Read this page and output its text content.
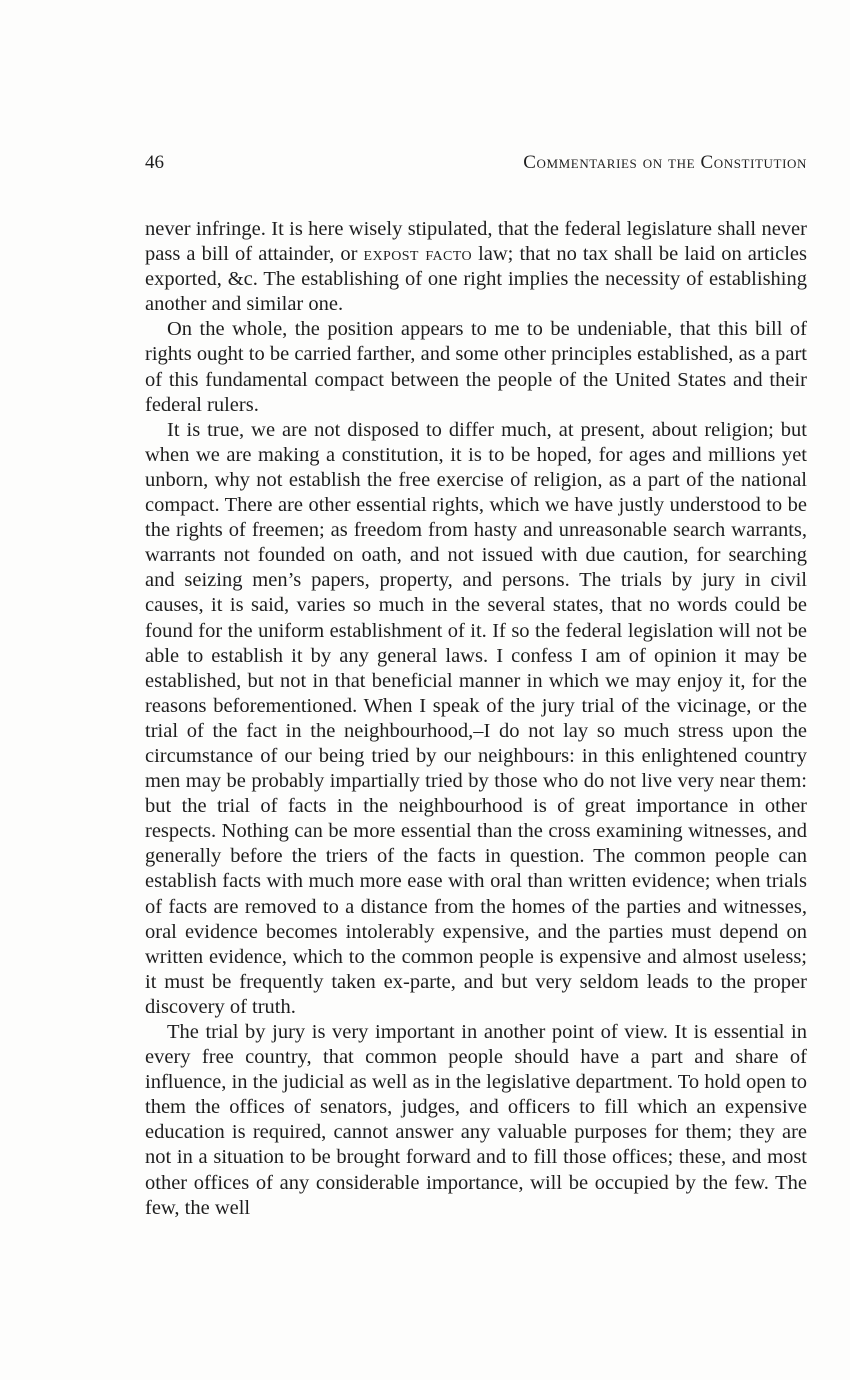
46	Commentaries on the Constitution

never infringe. It is here wisely stipulated, that the federal legislature shall never pass a bill of attainder, or expost facto law; that no tax shall be laid on articles exported, &c. The establishing of one right implies the necessity of establishing another and similar one.

On the whole, the position appears to me to be undeniable, that this bill of rights ought to be carried farther, and some other principles established, as a part of this fundamental compact between the people of the United States and their federal rulers.

It is true, we are not disposed to differ much, at present, about religion; but when we are making a constitution, it is to be hoped, for ages and millions yet unborn, why not establish the free exercise of religion, as a part of the national compact. There are other essential rights, which we have justly understood to be the rights of freemen; as freedom from hasty and unreasonable search warrants, warrants not founded on oath, and not issued with due caution, for searching and seizing men’s papers, property, and persons. The trials by jury in civil causes, it is said, varies so much in the several states, that no words could be found for the uniform establishment of it. If so the federal legislation will not be able to establish it by any general laws. I confess I am of opinion it may be established, but not in that beneficial manner in which we may enjoy it, for the reasons beforementioned. When I speak of the jury trial of the vicinage, or the trial of the fact in the neighbourhood,–I do not lay so much stress upon the circumstance of our being tried by our neighbours: in this enlightened country men may be probably impartially tried by those who do not live very near them: but the trial of facts in the neighbourhood is of great importance in other respects. Nothing can be more essential than the cross examining witnesses, and generally before the triers of the facts in question. The common people can establish facts with much more ease with oral than written evidence; when trials of facts are removed to a distance from the homes of the parties and witnesses, oral evidence becomes intolerably expensive, and the parties must depend on written evidence, which to the common people is expensive and almost useless; it must be frequently taken ex-parte, and but very seldom leads to the proper discovery of truth.

The trial by jury is very important in another point of view. It is essential in every free country, that common people should have a part and share of influence, in the judicial as well as in the legislative department. To hold open to them the offices of senators, judges, and officers to fill which an expensive education is required, cannot answer any valuable purposes for them; they are not in a situation to be brought forward and to fill those offices; these, and most other offices of any considerable importance, will be occupied by the few. The few, the well
